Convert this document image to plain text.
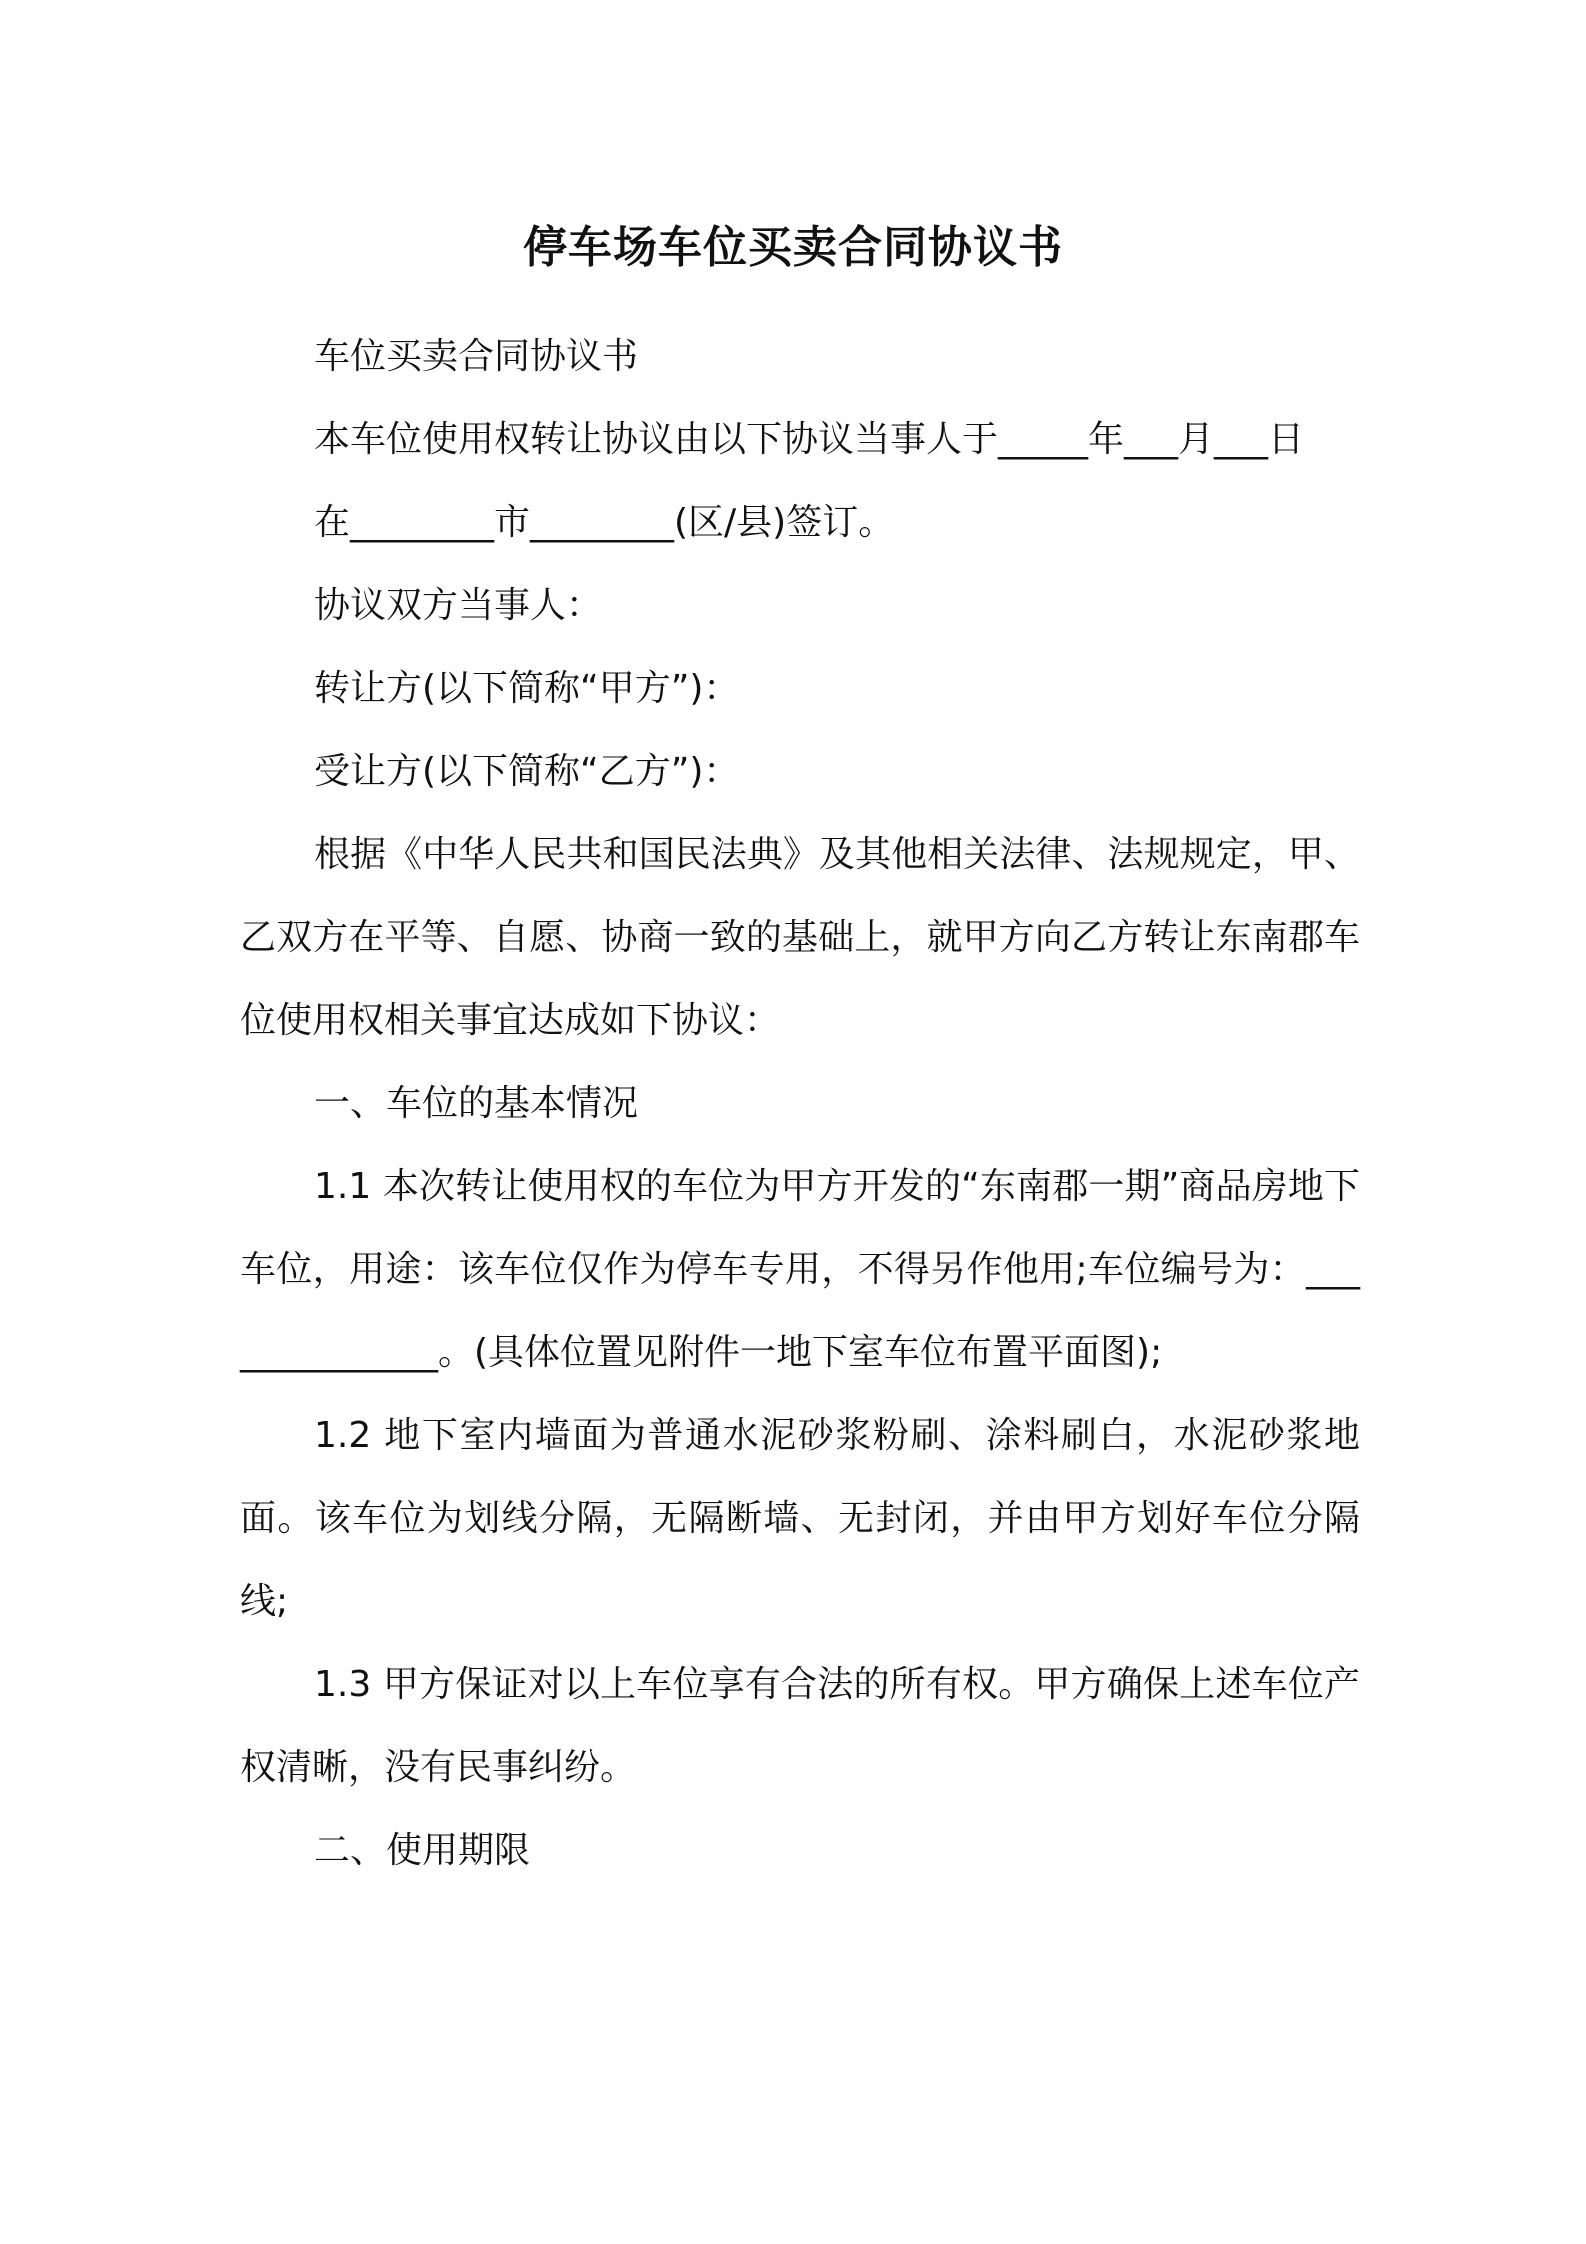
停车场车位买卖合同协议书

车位买卖合同协议书

本车位使用权转让协议由以下协议当事人于_____年___月___日

在________市________(区/县)签订。

协议双方当事人：

转让方(以下简称“甲方”)：

受让方(以下简称“乙方”)：

根据《中华人民共和国民法典》及其他相关法律、法规规定，甲、乙双方在平等、自愿、协商一致的基础上，就甲方向乙方转让东南郡车位使用权相关事宜达成如下协议：

一、车位的基本情况

1.1 本次转让使用权的车位为甲方开发的“东南郡一期”商品房地下车位，用途：该车位仅作为停车专用，不得另作他用;车位编号为：______________。(具体位置见附件一地下室车位布置平面图);

1.2 地下室内墙面为普通水泥砂浆粉刷、涂料刷白，水泥砂浆地面。该车位为划线分隔，无隔断墙、无封闭，并由甲方划好车位分隔线;

1.3 甲方保证对以上车位享有合法的所有权。甲方确保上述车位产权清晰，没有民事纠纷。

二、使用期限
